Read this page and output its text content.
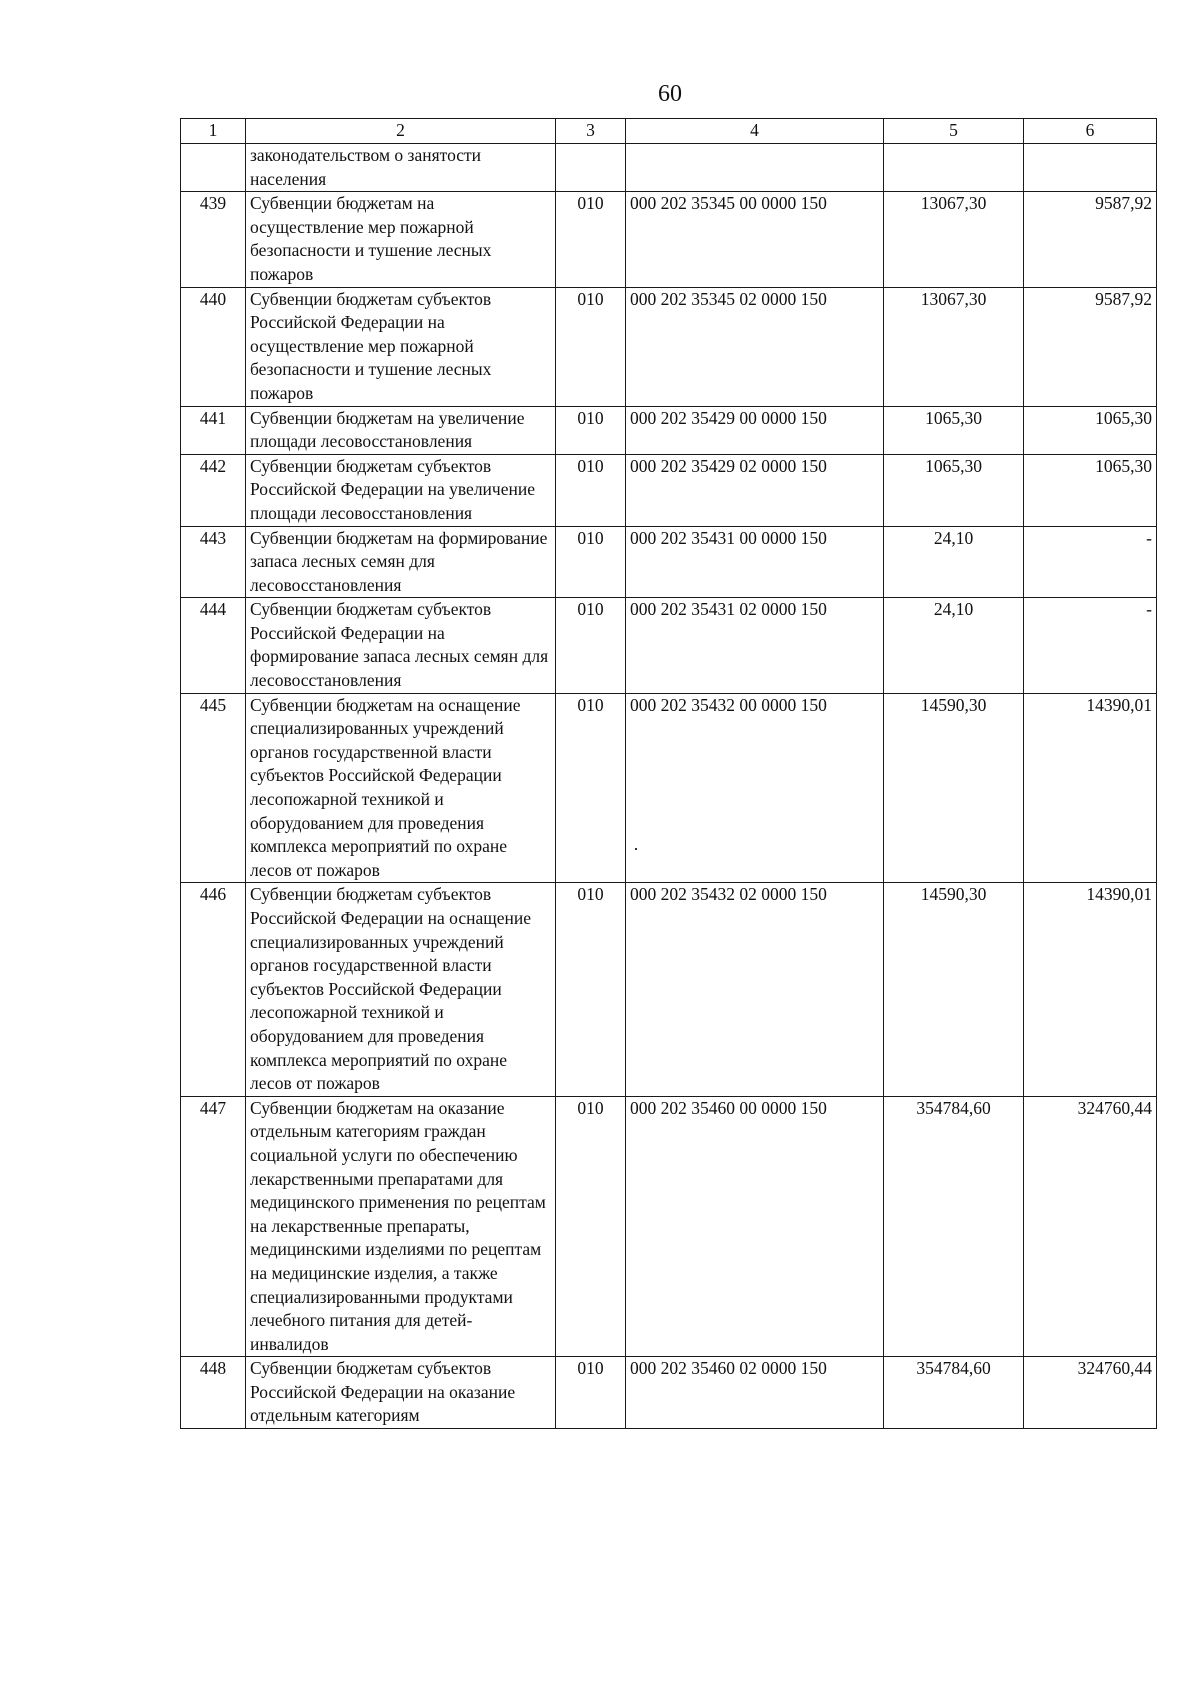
60
1	2	3	4	5	6
	законодательством о занятости населения				
439	Субвенции бюджетам на осуществление мер пожарной безопасности и тушение лесных пожаров	010	000 202 35345 00 0000 150	13067,30	9587,92
440	Субвенции бюджетам субъектов Российской Федерации на осуществление мер пожарной безопасности и тушение лесных пожаров	010	000 202 35345 02 0000 150	13067,30	9587,92
441	Субвенции бюджетам на увеличение площади лесовосстановления	010	000 202 35429 00 0000 150	1065,30	1065,30
442	Субвенции бюджетам субъектов Российской Федерации на увеличение площади лесовосстановления	010	000 202 35429 02 0000 150	1065,30	1065,30
443	Субвенции бюджетам на формирование запаса лесных семян для лесовосстановления	010	000 202 35431 00 0000 150	24,10	-
444	Субвенции бюджетам субъектов Российской Федерации на формирование запаса лесных семян для лесовосстановления	010	000 202 35431 02 0000 150	24,10	-
445	Субвенции бюджетам на оснащение специализированных учреждений органов государственной власти субъектов Российской Федерации лесопожарной техникой и оборудованием для проведения комплекса мероприятий по охране лесов от пожаров	010	000 202 35432 00 0000 150	14590,30	14390,01
446	Субвенции бюджетам субъектов Российской Федерации на оснащение специализированных учреждений органов государственной власти субъектов Российской Федерации лесопожарной техникой и оборудованием для проведения комплекса мероприятий по охране лесов от пожаров	010	000 202 35432 02 0000 150	14590,30	14390,01
447	Субвенции бюджетам на оказание отдельным категориям граждан социальной услуги по обеспечению лекарственными препаратами для медицинского применения по рецептам на лекарственные препараты, медицинскими изделиями по рецептам на медицинские изделия, а также специализированными продуктами лечебного питания для детей-инвалидов	010	000 202 35460 00 0000 150	354784,60	324760,44
448	Субвенции бюджетам субъектов Российской Федерации на оказание отдельным категориям	010	000 202 35460 02 0000 150	354784,60	324760,44
